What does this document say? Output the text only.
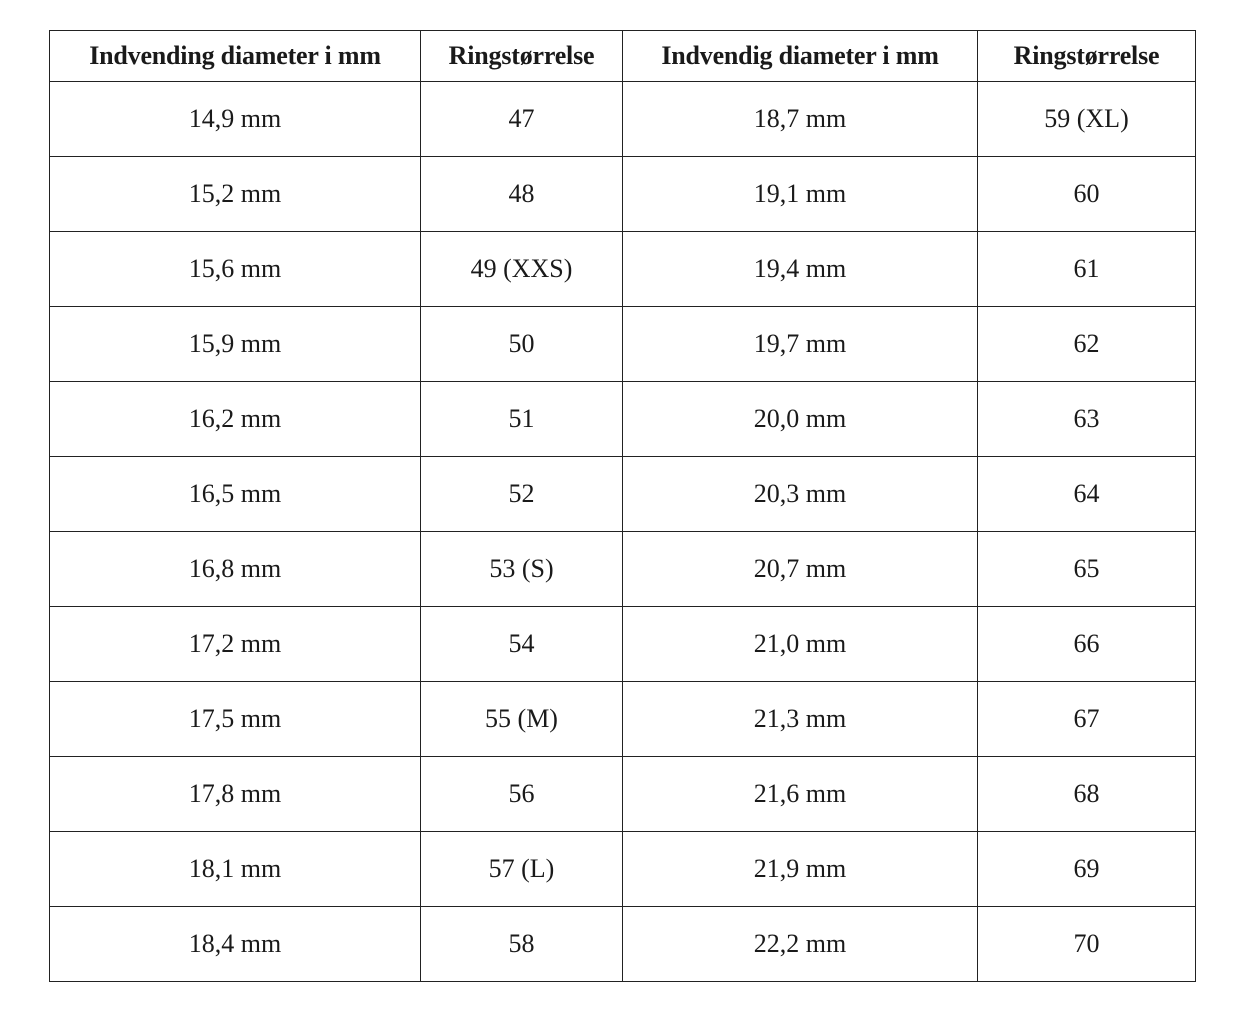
Indvending diameter i mm	Ringstørrelse	Indvendig diameter i mm	Ringstørrelse
14,9 mm	47	18,7 mm	59 (XL)
15,2 mm	48	19,1 mm	60
15,6 mm	49 (XXS)	19,4 mm	61
15,9 mm	50	19,7 mm	62
16,2 mm	51	20,0 mm	63
16,5 mm	52	20,3 mm	64
16,8 mm	53 (S)	20,7 mm	65
17,2 mm	54	21,0 mm	66
17,5 mm	55 (M)	21,3 mm	67
17,8 mm	56	21,6 mm	68
18,1 mm	57 (L)	21,9 mm	69
18,4 mm	58	22,2 mm	70
